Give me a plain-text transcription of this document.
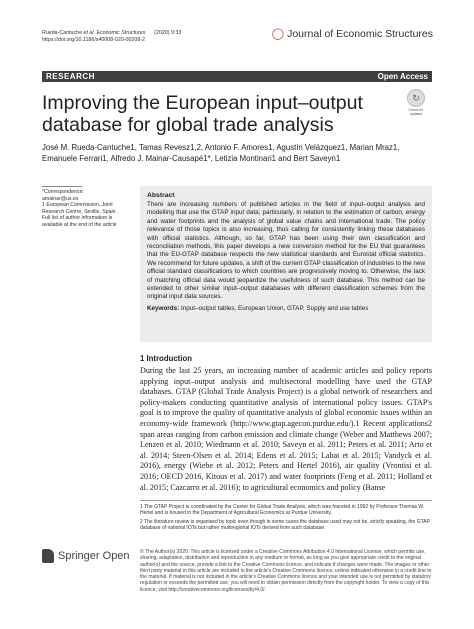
Rueda-Cantuche et al. Economic Structures (2020) 9:33
https://doi.org/10.1186/s40008-020-00208-2	◯ Journal of Economic Structures
RESEARCH	Open Access
Improving the European input–output database for global trade analysis
↻
Check for updates
José M. Rueda‑Cantuche1, Tamas Revesz1,2, Antonio F. Amores1, Agustín Velázquez1, Marian Mraz1, Emanuele Ferrari1, Alfredo J. Mainar‑Causapé1*, Letizia Montinari1 and Bert Saveyn1
*Correspondence:
amainar@us.es
1 European Commission, Joint Research Centre, Seville, Spain
Full list of author information is available at the end of the article
Abstract
There are increasing numbers of published articles in the field of input–output analysis and modelling that use the GTAP input data; particularly, in relation to the estimation of carbon, energy and water footprints and the analysis of global value chains and international trade. The policy relevance of those topics is also increasing, thus calling for consistently linking these databases with official statistics. Although, so far, GTAP has been using their own classification and reconciliation methods, this paper develops a new conversion method for the EU that guarantees that the EU-GTAP database respects the new statistical standards and Eurostat official statistics. We recommend for future updates, a shift of the current GTAP classification of industries to the new official standard classifications to which countries are progressively moving to. Otherwise, the lack of matching official data would jeopardize the usefulness of such database. This method can be extended to other similar input–output databases with different classification schemes from the original input data sources.
Keywords: Input–output tables, European Union, GTAP, Supply and use tables
1 Introduction
During the last 25 years, an increasing number of academic articles and policy reports applying input–output analysis and multisectoral modelling have used the GTAP databases. GTAP (Global Trade Analysis Project) is a global network of researchers and policy-makers conducting quantitative analysis of international policy issues. GTAP's goal is to improve the quality of quantitative analysis of global economic issues within an economy-wide framework (http://www.gtap.agecon.purdue.edu/).1 Recent applications2 span areas ranging from carbon emission and climate change (Weber and Matthews 2007; Lenzen et al. 2010; Wiedmann et al. 2010; Saveyn et al. 2011; Peters et al. 2011; Arto et al. 2014; Steen-Olsen et al. 2014; Edens et al. 2015; Labat et al. 2015; Vandyck et al. 2016), energy (Wiebe et al. 2012; Peters and Hertel 2016), air quality (Vrontisi et al. 2016; OECD 2016, Kitous et al. 2017) and water footprints (Feng et al. 2011; Holland et al. 2015; Cazcarro et al. 2016); to agricultural economics and policy (Banse

1 The GTAP Project is coordinated by the Center for Global Trade Analysis, which was founded in 1992 by Professor Thomas W. Hertel and is housed in the Department of Agricultural Economics at Purdue University.

2 The literature review is organised by topic even though in some cases the database used may not be, strictly speaking, the GTAP database of national IOTs but rather multiregional IOTs derived from such database.

Springer Open © The Author(s) 2020. This article is licensed under a Creative Commons Attribution 4.0 International License, which permits use, sharing, adaptation, distribution and reproduction in any medium or format, as long as you give appropriate credit to the original author(s) and the source, provide a link to the Creative Commons licence, and indicate if changes were made. The images or other third party material in this article are included in the article's Creative Commons licence, unless indicated otherwise in a credit line to the material. If material is not included in the article's Creative Commons licence and your intended use is not permitted by statutory regulation or exceeds the permitted use, you will need to obtain permission directly from the copyright holder. To view a copy of this licence, visit http://creativecommons.org/licenses/by/4.0/.
